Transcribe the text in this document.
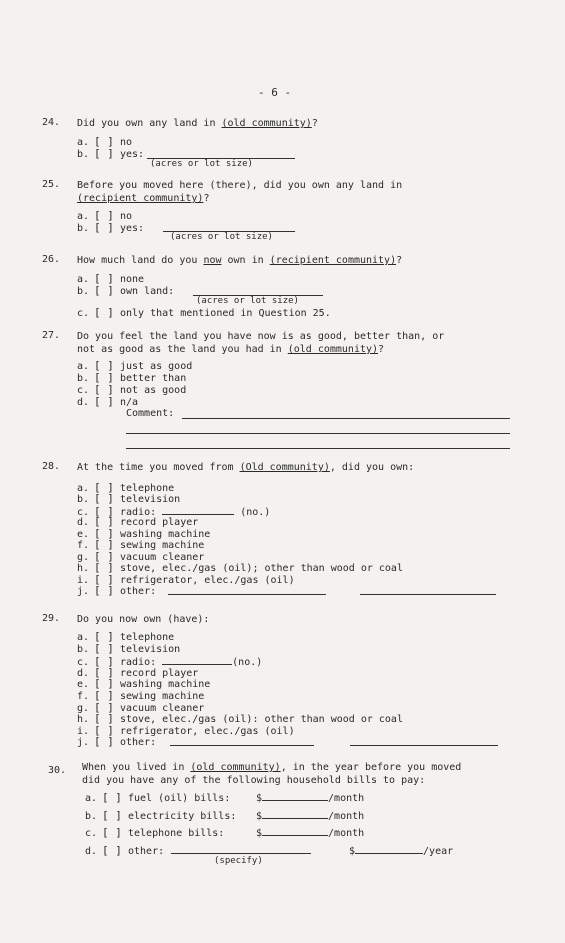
- 6 -
24. Did you own any land in (old community)?
a. [ ] no
b. [ ] yes:
(acres or lot size)
25. Before you moved here (there), did you own any land in
(recipient community)?
a. [ ] no
b. [ ] yes:
(acres or lot size)
26. How much land do you now own in (recipient community)?
a. [ ] none
b. [ ] own land:
(acres or lot size)
c. [ ] only that mentioned in Question 25.
27. Do you feel the land you have now is as good, better than, or
not as good as the land you had in (old community)?
a. [ ] just as good
b. [ ] better than
c. [ ] not as good
d. [ ] n/a
Comment:
28. At the time you moved from (Old community), did you own:
a. [ ] telephone
b. [ ] television
c. [ ] radio:	(no.)
d. [ ] record player
e. [ ] washing machine
f. [ ] sewing machine
g. [ ] vacuum cleaner
h. [ ] stove, elec./gas (oil); other than wood or coal
i. [ ] refrigerator, elec./gas (oil)
j. [ ] other:
29. Do you now own (have):
a. [ ] telephone
b. [ ] television
c. [ ] radio:	(no.)
d. [ ] record player
e. [ ] washing machine
f. [ ] sewing machine
g. [ ] vacuum cleaner
h. [ ] stove, elec./gas (oil): other than wood or coal
i. [ ] refrigerator, elec./gas (oil)
j. [ ] other:
30. When you lived in (old community), in the year before you moved
did you have any of the following household bills to pay:
a. [ ] fuel (oil) bills:	$	/month
b. [ ] electricity bills: $	/month
c. [ ] telephone bills:	$	/month
d. [ ] other:	$	/year
(specify)
